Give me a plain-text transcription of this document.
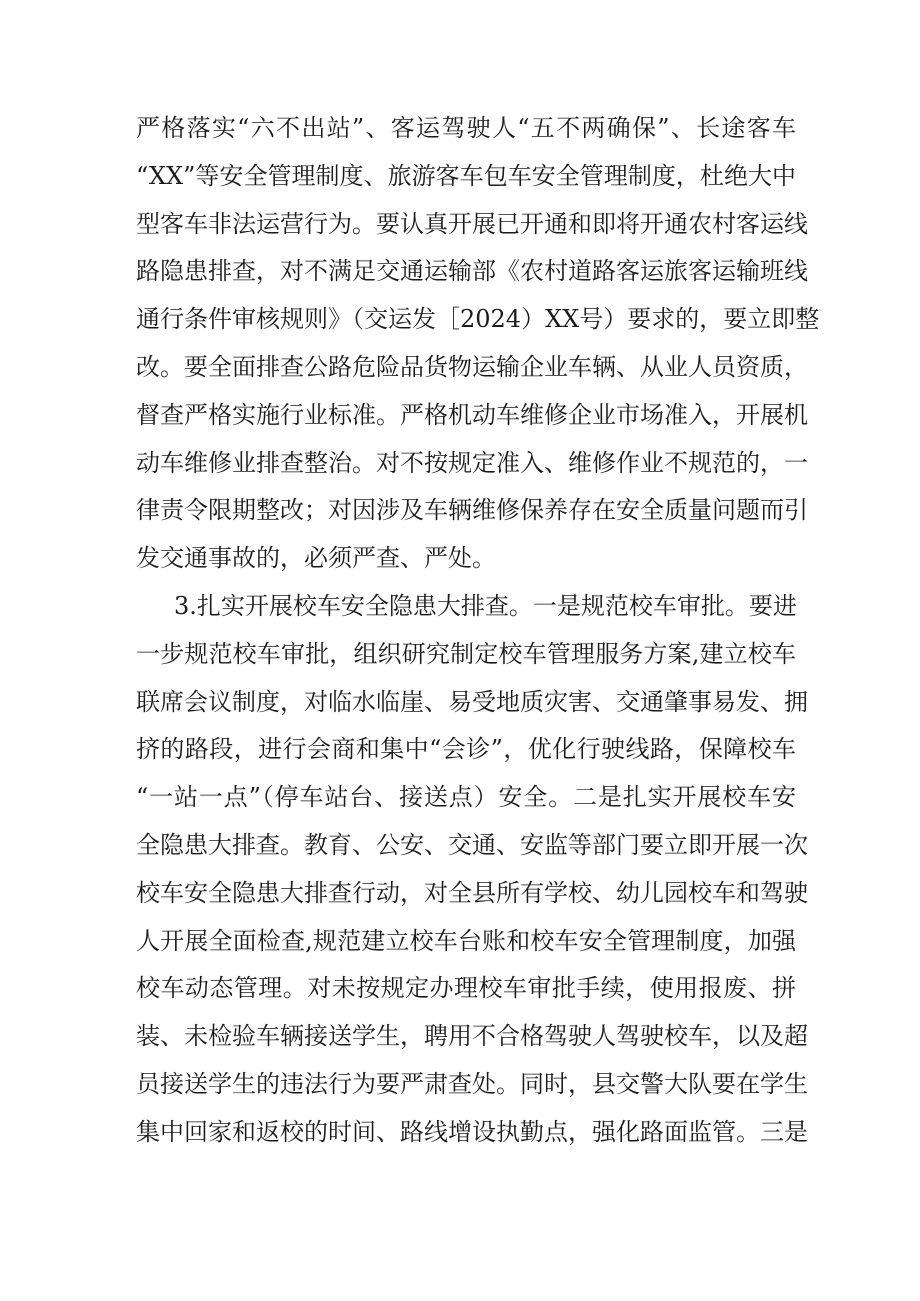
严格落实“六不出站”、客运驾驶人“五不两确保”、长途客车
“XX”等安全管理制度、旅游客车包车安全管理制度，杜绝大中
型客车非法运营行为。要认真开展已开通和即将开通农村客运线
路隐患排查，对不满足交通运输部《农村道路客运旅客运输班线
通行条件审核规则》（交运发［2024）XX号）要求的，要立即整
改。要全面排查公路危险品货物运输企业车辆、从业人员资质，
督查严格实施行业标准。严格机动车维修企业市场准入，开展机
动车维修业排查整治。对不按规定准入、维修作业不规范的，一
律责令限期整改；对因涉及车辆维修保养存在安全质量问题而引
发交通事故的，必须严查、严处。
3.扎实开展校车安全隐患大排查。一是规范校车审批。要进
一步规范校车审批，组织研究制定校车管理服务方案,建立校车
联席会议制度，对临水临崖、易受地质灾害、交通肇事易发、拥
挤的路段，进行会商和集中“会诊”，优化行驶线路，保障校车
“一站一点”（停车站台、接送点）安全。二是扎实开展校车安
全隐患大排查。教育、公安、交通、安监等部门要立即开展一次
校车安全隐患大排查行动，对全县所有学校、幼儿园校车和驾驶
人开展全面检查,规范建立校车台账和校车安全管理制度，加强
校车动态管理。对未按规定办理校车审批手续，使用报废、拼
装、未检验车辆接送学生，聘用不合格驾驶人驾驶校车，以及超
员接送学生的违法行为要严肃查处。同时，县交警大队要在学生
集中回家和返校的时间、路线增设执勤点，强化路面监管。三是
